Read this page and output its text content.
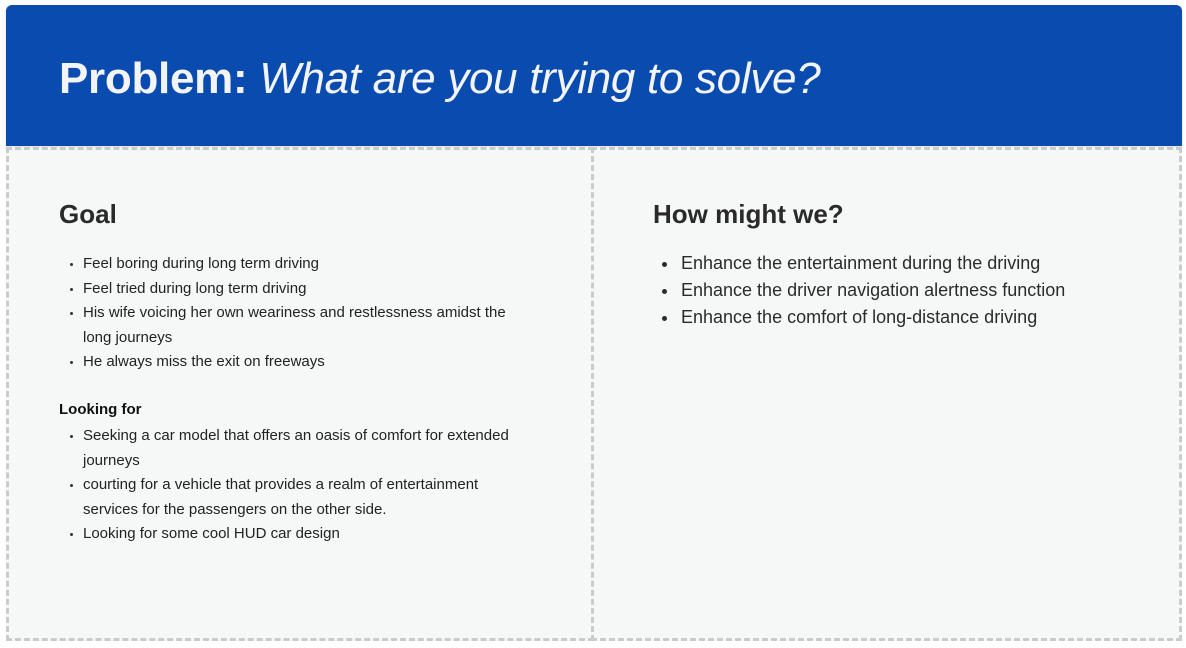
Problem: What are you trying to solve?
Goal
Feel boring during long term driving
Feel tried during long term driving
His wife voicing her own weariness and restlessness amidst the long journeys
He always miss the exit on freeways
Looking for
Seeking a car model that offers an oasis of comfort for extended journeys
courting for a vehicle that provides a realm of entertainment services for the passengers on the other side.
Looking for some cool HUD car design
How might we?
Enhance the entertainment during the driving
Enhance the driver navigation alertness function
Enhance the comfort of long-distance driving
